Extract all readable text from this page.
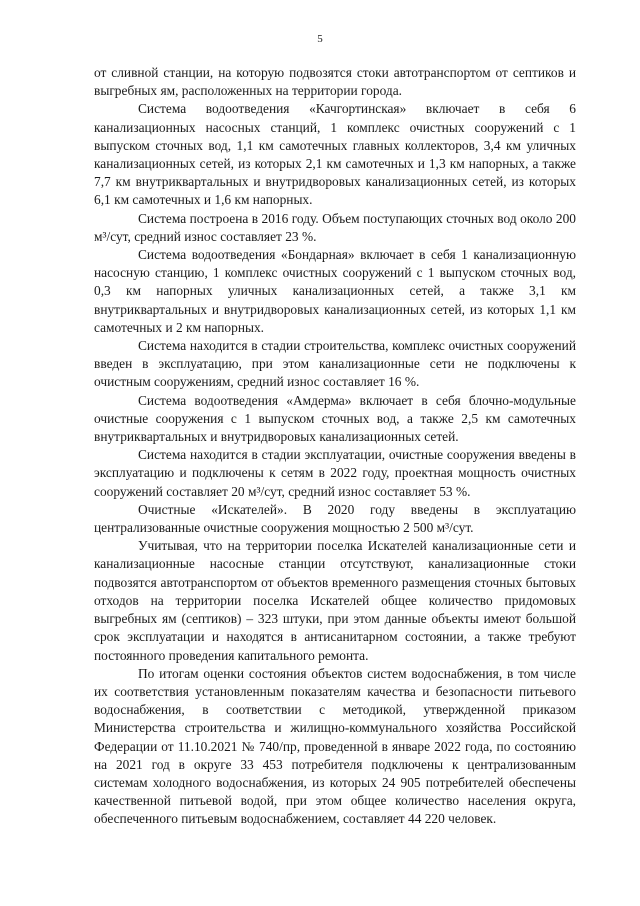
5

от сливной станции, на которую подвозятся стоки автотранспортом от септиков и выгребных ям, расположенных на территории города.

Система водоотведения «Качгортинская» включает в себя 6 канализационных насосных станций, 1 комплекс очистных сооружений с 1 выпуском сточных вод, 1,1 км самотечных главных коллекторов, 3,4 км уличных канализационных сетей, из которых 2,1 км самотечных и 1,3 км напорных, а также 7,7 км внутриквартальных и внутридворовых канализационных сетей, из которых 6,1 км самотечных и 1,6 км напорных.

Система построена в 2016 году. Объем поступающих сточных вод около 200 м³/сут, средний износ составляет 23 %.

Система водоотведения «Бондарная» включает в себя 1 канализационную насосную станцию, 1 комплекс очистных сооружений с 1 выпуском сточных вод, 0,3 км напорных уличных канализационных сетей, а также 3,1 км внутриквартальных и внутридворовых канализационных сетей, из которых 1,1 км самотечных и 2 км напорных.

Система находится в стадии строительства, комплекс очистных сооружений введен в эксплуатацию, при этом канализационные сети не подключены к очистным сооружениям, средний износ составляет 16 %.

Система водоотведения «Амдерма» включает в себя блочно-модульные очистные сооружения с 1 выпуском сточных вод, а также 2,5 км самотечных внутриквартальных и внутридворовых канализационных сетей.

Система находится в стадии эксплуатации, очистные сооружения введены в эксплуатацию и подключены к сетям в 2022 году, проектная мощность очистных сооружений составляет 20 м³/сут, средний износ составляет 53 %.

Очистные «Искателей». В 2020 году введены в эксплуатацию централизованные очистные сооружения мощностью 2 500 м³/сут.

Учитывая, что на территории поселка Искателей канализационные сети и канализационные насосные станции отсутствуют, канализационные стоки подвозятся автотранспортом от объектов временного размещения сточных бытовых отходов на территории поселка Искателей общее количество придомовых выгребных ям (септиков) – 323 штуки, при этом данные объекты имеют большой срок эксплуатации и находятся в антисанитарном состоянии, а также требуют постоянного проведения капитального ремонта.

По итогам оценки состояния объектов систем водоснабжения, в том числе их соответствия установленным показателям качества и безопасности питьевого водоснабжения, в соответствии с методикой, утвержденной приказом Министерства строительства и жилищно-коммунального хозяйства Российской Федерации от 11.10.2021 № 740/пр, проведенной в январе 2022 года, по состоянию на 2021 год в округе 33 453 потребителя подключены к централизованным системам холодного водоснабжения, из которых 24 905 потребителей обеспечены качественной питьевой водой, при этом общее количество населения округа, обеспеченного питьевым водоснабжением, составляет 44 220 человек.
